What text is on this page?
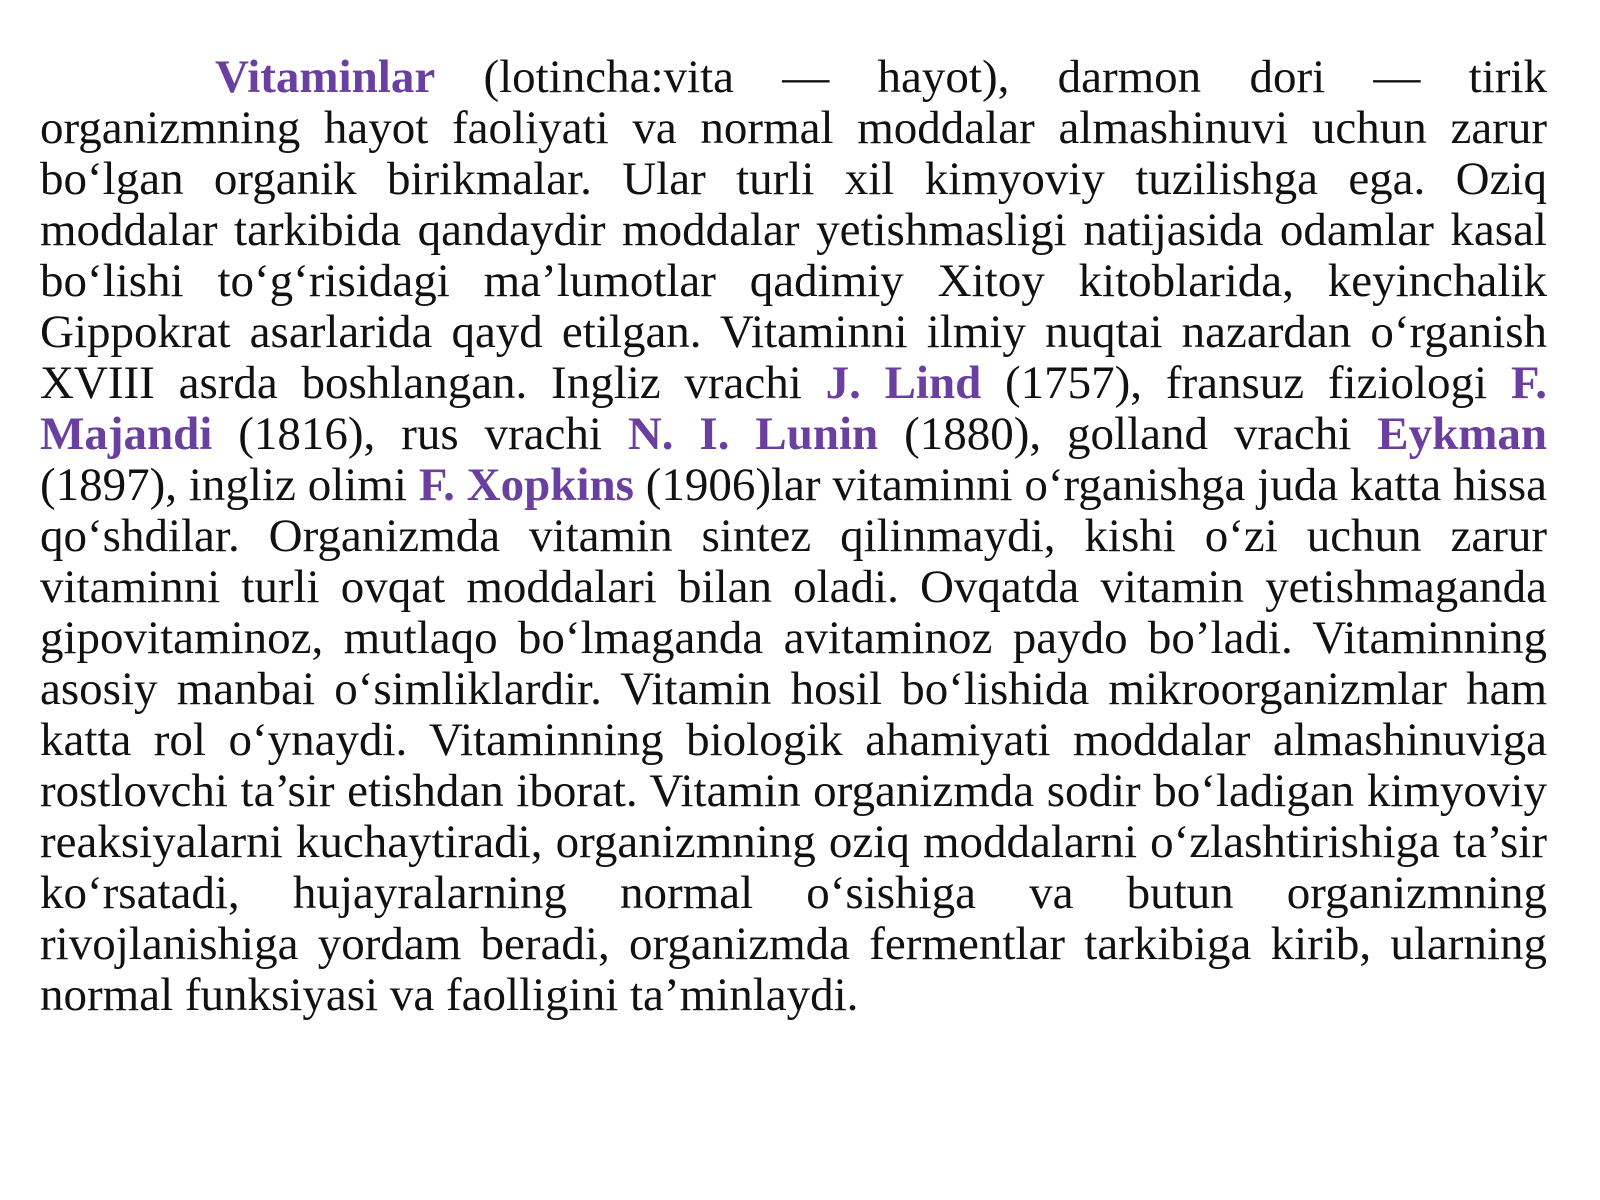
Vitaminlar (lotincha:vita — hayot), darmon dori — tirik organizmning hayot faoliyati va normal moddalar almashinuvi uchun zarur bo‘lgan organik birikmalar. Ular turli xil kimyoviy tuzilishga ega. Oziq moddalar tarkibida qandaydir moddalar yetishmasligi natijasida odamlar kasal bo‘lishi to‘g‘risidagi ma’lumotlar qadimiy Xitoy kitoblarida, keyinchalik Gippokrat asarlarida qayd etilgan. Vitaminni ilmiy nuqtai nazardan o‘rganish XVIII asrda boshlangan. Ingliz vrachi J. Lind (1757), fransuz fiziologi F. Majandi (1816), rus vrachi N. I. Lunin (1880), golland vrachi Eykman (1897), ingliz olimi F. Xopkins (1906)lar vitaminni o‘rganishga juda katta hissa qo‘shdilar. Organizmda vitamin sintez qilinmaydi, kishi o‘zi uchun zarur vitaminni turli ovqat moddalari bilan oladi. Ovqatda vitamin yetishmaganda gipovitaminoz, mutlaqo bo‘lmaganda avitaminoz paydo bo’ladi. Vitaminning asosiy manbai o‘simliklardir. Vitamin hosil bo‘lishida mikroorganizmlar ham katta rol o‘ynaydi. Vitaminning biologik ahamiyati moddalar almashinuviga rostlovchi ta’sir etishdan iborat. Vitamin organizmda sodir bo‘ladigan kimyoviy reaksiyalarni kuchaytiradi, organizmning oziq moddalarni o‘zlashtirishiga ta’sir ko‘rsatadi, hujayralarning normal o‘sishiga va butun organizmning rivojlanishiga yordam beradi, organizmda fermentlar tarkibiga kirib, ularning normal funksiyasi va faolligini ta’minlaydi.
